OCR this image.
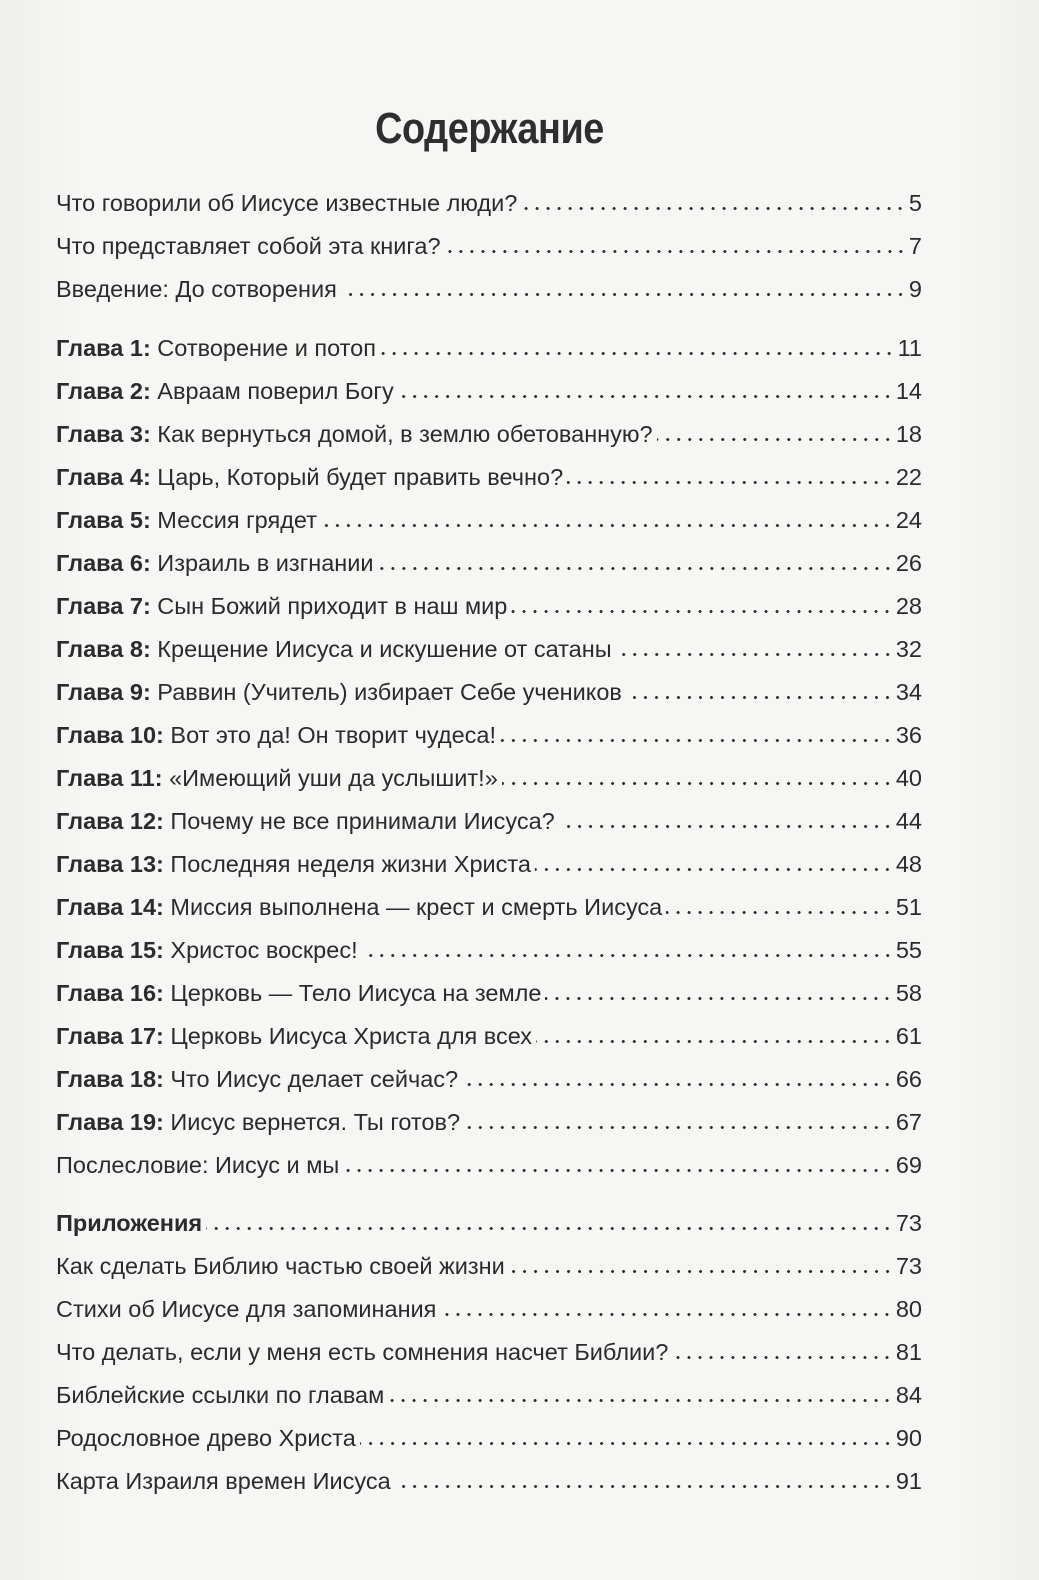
Содержание
Что говорили об Иисусе известные люди?	5
Что представляет собой эта книга?	7
Введение: До сотворения	9
Глава 1: Сотворение и потоп	11
Глава 2: Авраам поверил Богу	14
Глава 3: Как вернуться домой, в землю обетованную?	18
Глава 4: Царь, Который будет править вечно?	22
Глава 5: Мессия грядет	24
Глава 6: Израиль в изгнании	26
Глава 7: Сын Божий приходит в наш мир	28
Глава 8: Крещение Иисуса и искушение от сатаны	32
Глава 9: Раввин (Учитель) избирает Себе учеников	34
Глава 10: Вот это да! Он творит чудеса!	36
Глава 11: «Имеющий уши да услышит!»	40
Глава 12: Почему не все принимали Иисуса?	44
Глава 13: Последняя неделя жизни Христа	48
Глава 14: Миссия выполнена — крест и смерть Иисуса	51
Глава 15: Христос воскрес!	55
Глава 16: Церковь — Тело Иисуса на земле	58
Глава 17: Церковь Иисуса Христа для всех	61
Глава 18: Что Иисус делает сейчас?	66
Глава 19: Иисус вернется. Ты готов?	67
Послесловие: Иисус и мы	69
Приложения	73
Как сделать Библию частью своей жизни	73
Стихи об Иисусе для запоминания	80
Что делать, если у меня есть сомнения насчет Библии?	81
Библейские ссылки по главам	84
Родословное древо Христа	90
Карта Израиля времен Иисуса	91
